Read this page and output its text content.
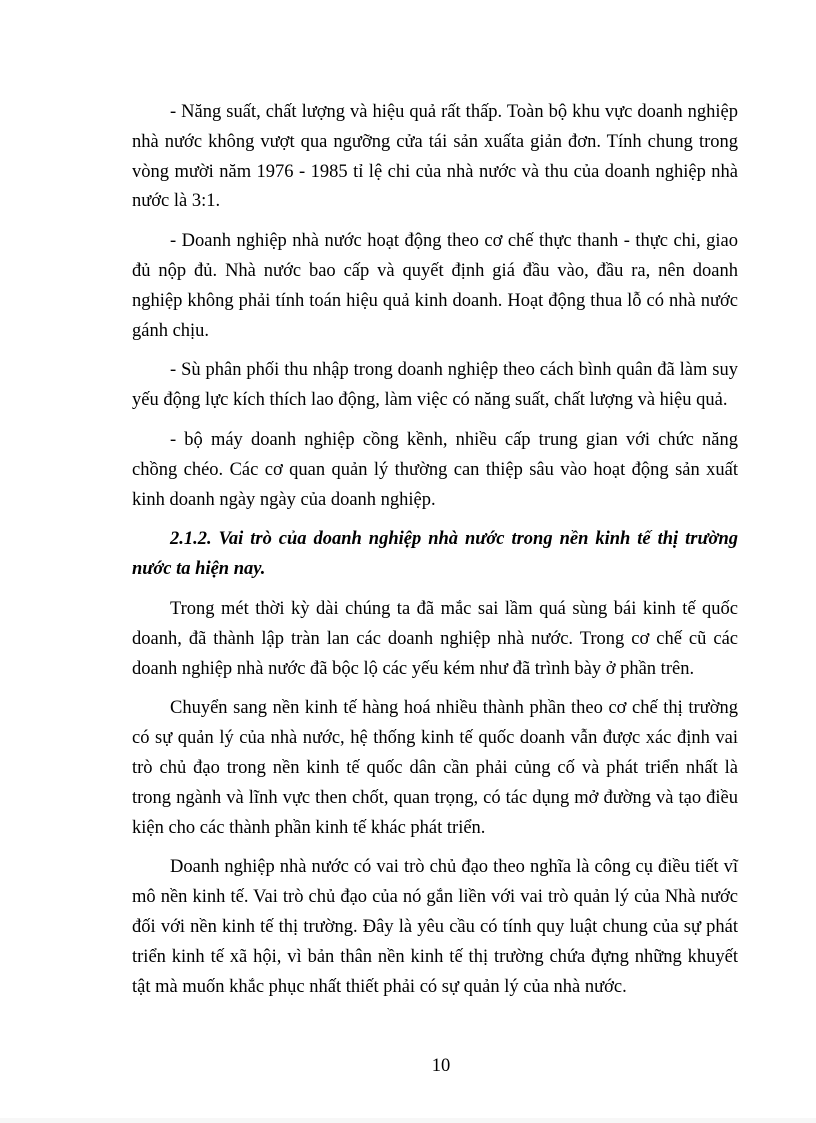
- Năng suất, chất lượng và hiệu quả rất thấp. Toàn bộ khu vực doanh nghiệp nhà nước không vượt qua ngưỡng cửa tái sản xuấta giản đơn. Tính chung trong vòng mười năm 1976 - 1985 tỉ lệ chi của nhà nước và thu của doanh nghiệp nhà nước là 3:1.

- Doanh nghiệp nhà nước hoạt động theo cơ chế thực thanh - thực chi, giao đủ nộp đủ. Nhà nước bao cấp và quyết định giá đầu vào, đầu ra, nên doanh nghiệp không phải tính toán hiệu quả kinh doanh. Hoạt động thua lỗ có nhà nước gánh chịu.

- Sù phân phối thu nhập trong doanh nghiệp theo cách bình quân đã làm suy yếu động lực kích thích lao động, làm việc có năng suất, chất lượng và hiệu quả.

- bộ máy doanh nghiệp cồng kềnh, nhiều cấp trung gian với chức năng chồng chéo. Các cơ quan quản lý thường can thiệp sâu vào hoạt động sản xuất kinh doanh ngày ngày của doanh nghiệp.

2.1.2. Vai trò của doanh nghiệp nhà nước trong nền kinh tế thị trường nước ta hiện nay.

Trong mét thời kỳ dài chúng ta đã mắc sai lầm quá sùng bái kinh tế quốc doanh, đã thành lập tràn lan các doanh nghiệp nhà nước. Trong cơ chế cũ các doanh nghiệp nhà nước đã bộc lộ các yếu kém như đã trình bày ở phần trên.

Chuyển sang nền kinh tế hàng hoá nhiều thành phần theo cơ chế thị trường có sự quản lý của nhà nước, hệ thống kinh tế quốc doanh vẫn được xác định vai trò chủ đạo trong nền kinh tế quốc dân cần phải củng cố và phát triển nhất là trong ngành và lĩnh vực then chốt, quan trọng, có tác dụng mở đường và tạo điều kiện cho các thành phần kinh tế khác phát triển.

Doanh nghiệp nhà nước có vai trò chủ đạo theo nghĩa là công cụ điều tiết vĩ mô nền kinh tế. Vai trò chủ đạo của nó gắn liền với vai trò quản lý của Nhà nước đối với nền kinh tế thị trường. Đây là yêu cầu có tính quy luật chung của sự phát triển kinh tế xã hội, vì bản thân nền kinh tế thị trường chứa đựng những khuyết tật mà muốn khắc phục nhất thiết phải có sự quản lý của nhà nước.

10
